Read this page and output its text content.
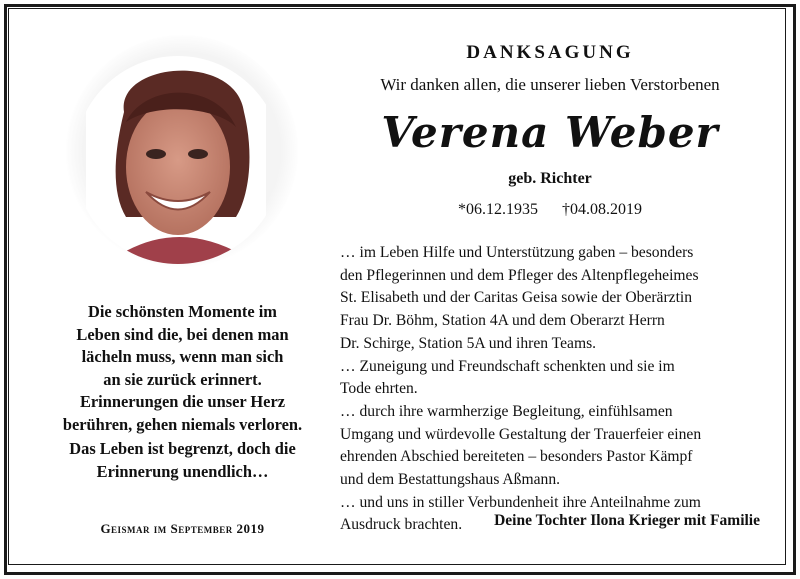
DANKSAGUNG
Wir danken allen, die unserer lieben Verstorbenen
Verena Weber
geb. Richter
*06.12.1935 †04.08.2019
… im Leben Hilfe und Unterstützung gaben – besonders
den Pflegerinnen und dem Pfleger des Altenpflegeheimes
St. Elisabeth und der Caritas Geisa sowie der Oberärztin
Frau Dr. Böhm, Station 4A und dem Oberarzt Herrn
Dr. Schirge, Station 5A und ihren Teams.
… Zuneigung und Freundschaft schenkten und sie im
Tode ehrten.
… durch ihre warmherzige Begleitung, einfühlsamen
Umgang und würdevolle Gestaltung der Trauerfeier einen
ehrenden Abschied bereiteten – besonders Pastor Kämpf
und dem Bestattungshaus Aßmann.
… und uns in stiller Verbundenheit ihre Anteilnahme zum
Ausdruck brachten.
Die schönsten Momente im
Leben sind die, bei denen man
lächeln muss, wenn man sich
an sie zurück erinnert.
Erinnerungen die unser Herz
berühren, gehen niemals verloren.
Das Leben ist begrenzt, doch die
Erinnerung unendlich…
Geismar im September 2019	Deine Tochter Ilona Krieger mit Familie
